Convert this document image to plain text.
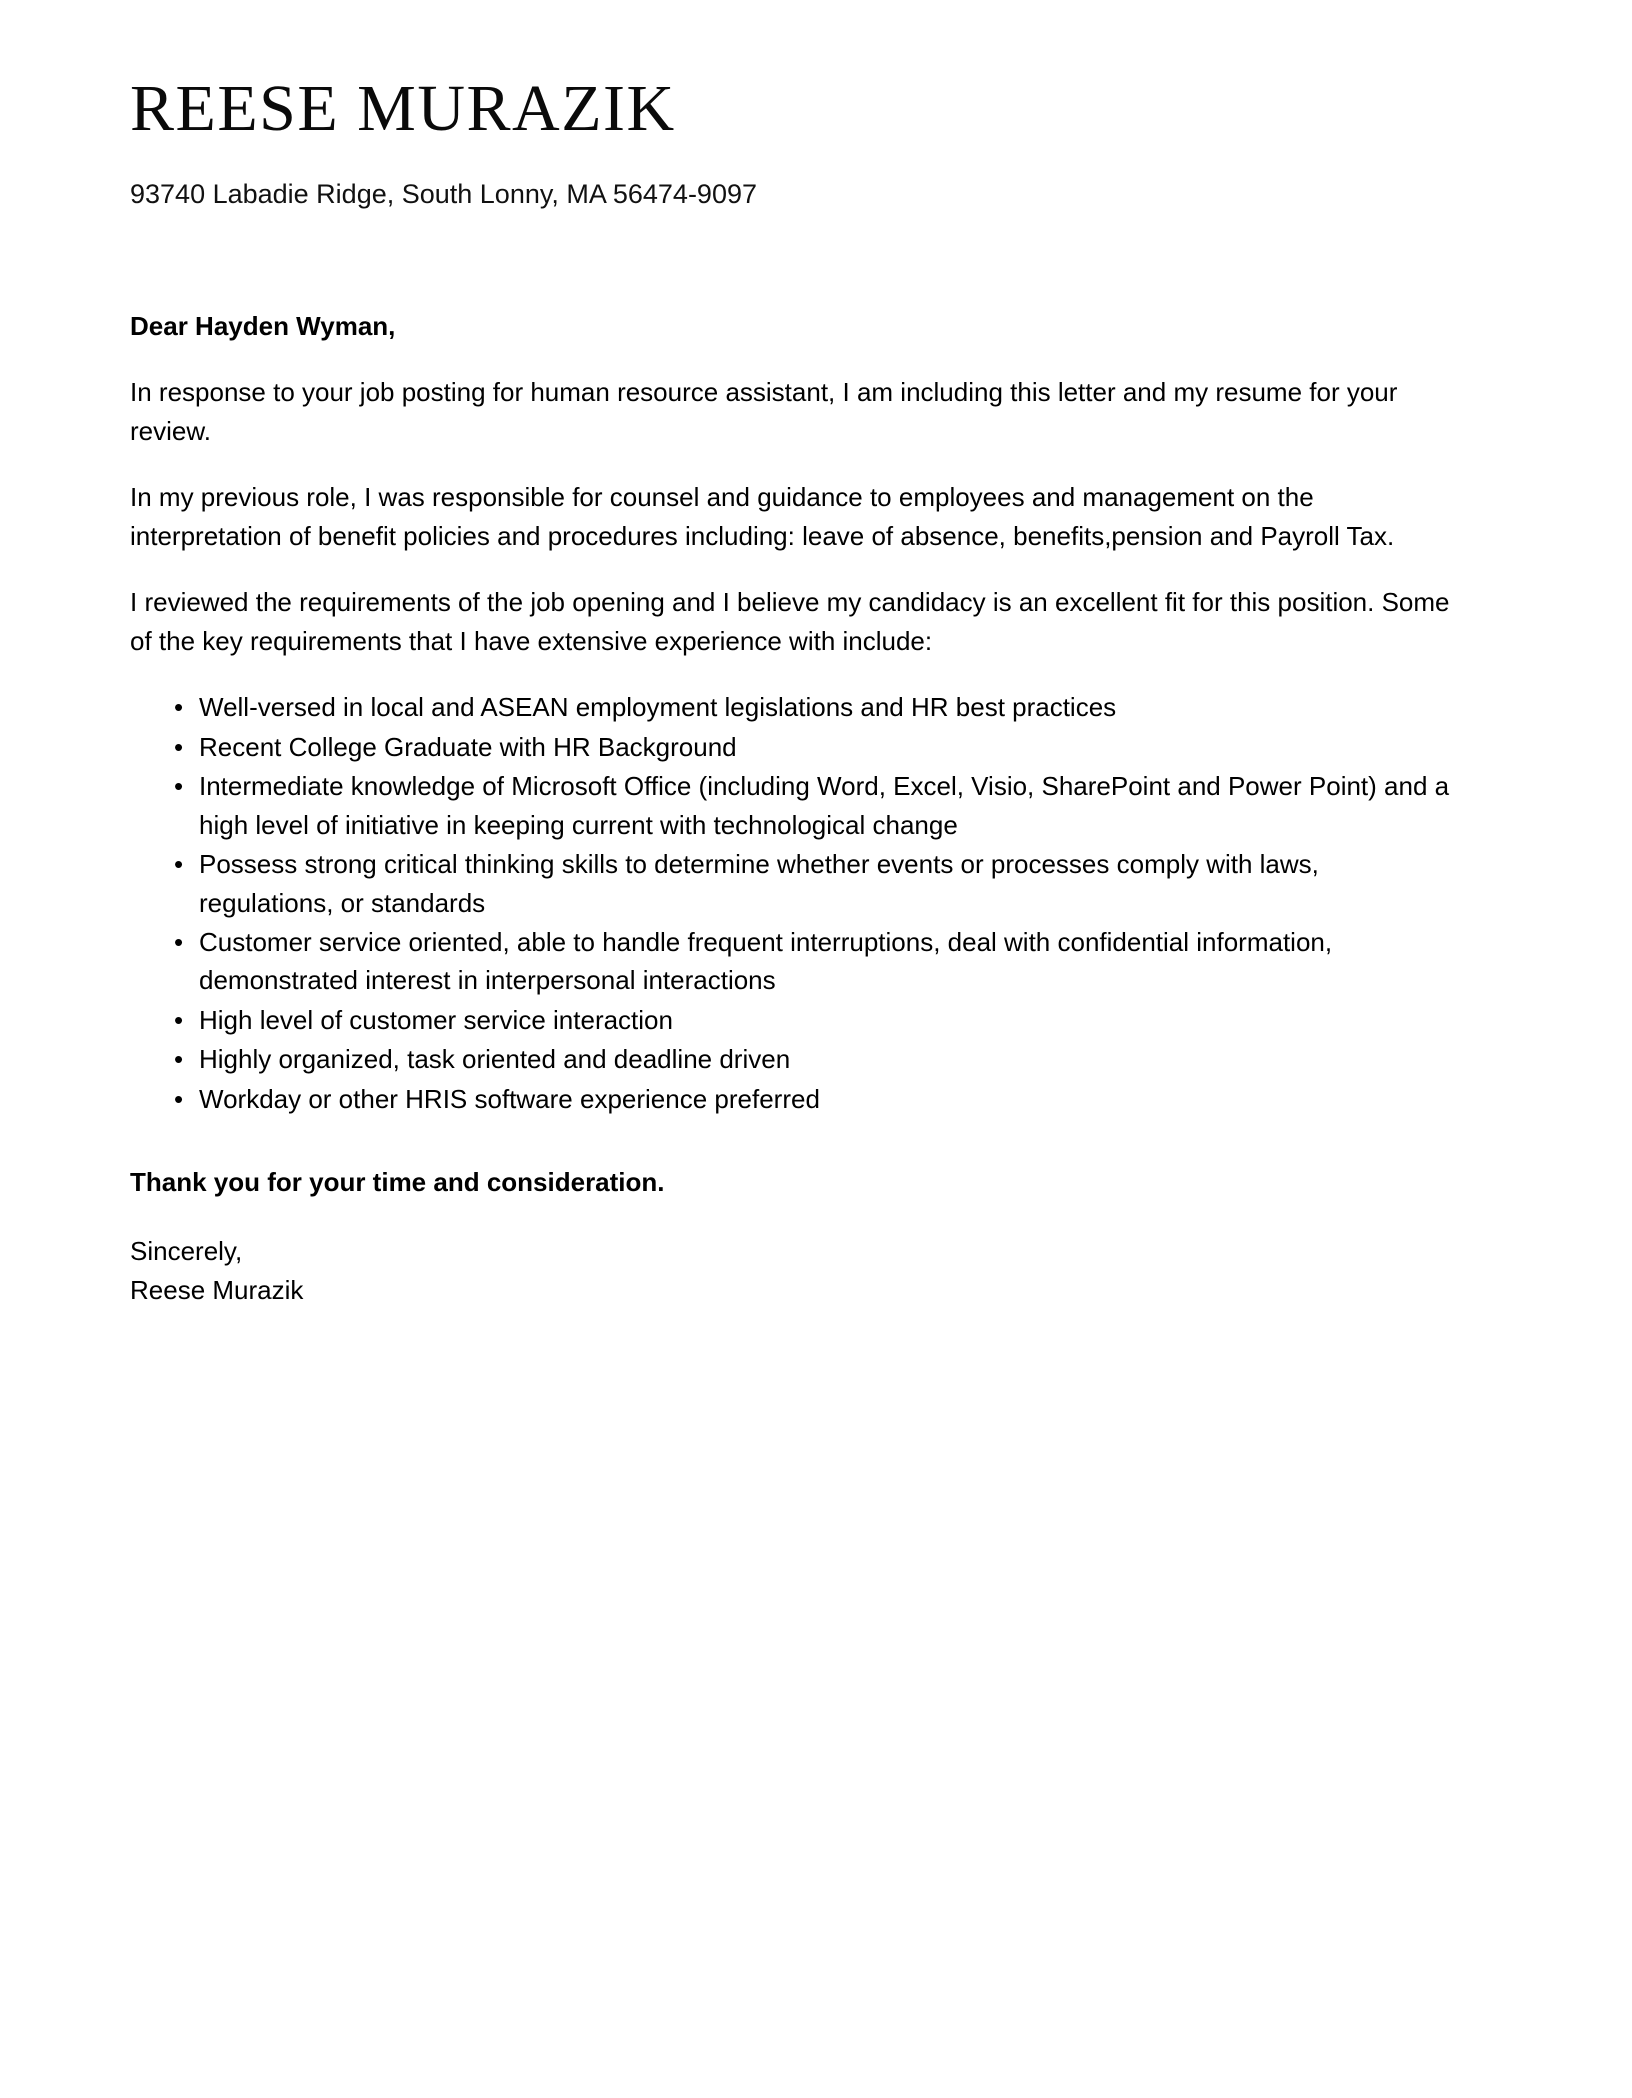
REESE MURAZIK
93740 Labadie Ridge, South Lonny, MA 56474-9097
Dear Hayden Wyman,

In response to your job posting for human resource assistant, I am including this letter and my resume for your review.

In my previous role, I was responsible for counsel and guidance to employees and management on the interpretation of benefit policies and procedures including: leave of absence, benefits,pension and Payroll Tax.

I reviewed the requirements of the job opening and I believe my candidacy is an excellent fit for this position. Some of the key requirements that I have extensive experience with include:

• Well-versed in local and ASEAN employment legislations and HR best practices
• Recent College Graduate with HR Background
• Intermediate knowledge of Microsoft Office (including Word, Excel, Visio, SharePoint and Power Point) and a high level of initiative in keeping current with technological change
• Possess strong critical thinking skills to determine whether events or processes comply with laws, regulations, or standards
• Customer service oriented, able to handle frequent interruptions, deal with confidential information, demonstrated interest in interpersonal interactions
• High level of customer service interaction
• Highly organized, task oriented and deadline driven
• Workday or other HRIS software experience preferred
Thank you for your time and consideration.
Sincerely,
Reese Murazik
